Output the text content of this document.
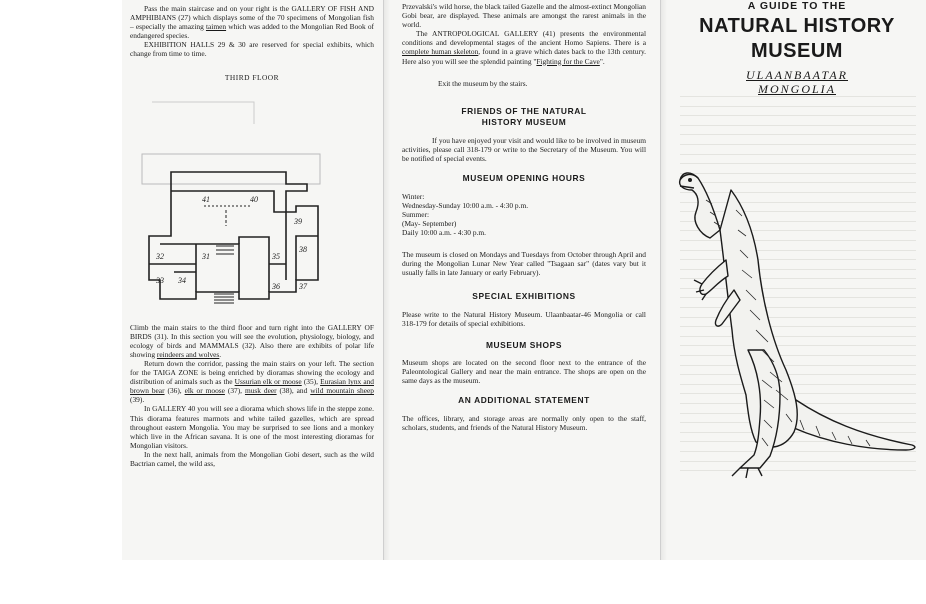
Pass the main staircase and on your right is the GALLERY OF FISH AND AMPHIBIANS (27) which displays some of the 70 specimens of Mongolian fish – especially the amazing taimen which was added to the Mongolian Red Book of endangered species.

EXHIBITION HALLS 29 & 30 are reserved for special exhibits, which change from time to time.

THIRD FLOOR
41	40
39
38
37
36
35
34
33
32	31

Climb the main stairs to the third floor and turn right into the GALLERY OF BIRDS (31). In this section you will see the evolution, physiology, biology, and ecology of birds and MAMMALS (32). Also there are exhibits of polar life showing reindeers and wolves.

Return down the corridor, passing the main stairs on your left. The section for the TAIGA ZONE is being enriched by dioramas showing the ecology and distribution of animals such as the Ussurian elk or moose (35), Eurasian lynx and brown bear (36), elk or moose (37), musk deer (38), and wild mountain sheep (39).

In GALLERY 40 you will see a diorama which shows life in the steppe zone. This diorama features marmots and white tailed gazelles, which are spread throughout eastern Mongolia. You may be surprised to see lions and a monkey which live in the African savana. It is one of the most interesting dioramas for Mongolian visitors.

In the next hall, animals from the Mongolian Gobi desert, such as the wild Bactrian camel, the wild ass,

Przevalski's wild horse, the black tailed Gazelle and the almost-extinct Mongolian Gobi bear, are displayed. These animals are amongst the rarest animals in the world.

The ANTROPOLOGICAL GALLERY (41) presents the environmental conditions and developmental stages of the ancient Homo Sapiens. There is a complete human skeleton, found in a grave which dates back to the 13th century. Here also you will see the splendid painting "Fighting for the Cave".

Exit the museum by the stairs.

FRIENDS OF THE NATURAL
HISTORY MUSEUM

If you have enjoyed your visit and would like to be involved in museum activities, please call 318-179 or write to the Secretary of the Museum. You will be notified of special events.

MUSEUM OPENING HOURS

Winter:

Wednesday-Sunday 10:00 a.m. - 4:30 p.m.

Summer:

(May- September)

Daily 10:00 a.m. - 4:30 p.m.

The museum is closed on Mondays and Tuesdays from October through April and during the Mongolian Lunar New Year called "Tsagaan sar" (dates vary but it usually falls in late January or early February).

SPECIAL EXHIBITIONS

Please write to the Natural History Museum. Ulaanbaatar-46 Mongolia or call 318-179 for details of special exhibitions.

MUSEUM SHOPS

Museum shops are located on the second floor next to the entrance of the Paleontological Gallery and near the main entrance. The shops are open on the same days as the museum.

AN ADDITIONAL STATEMENT

The offices, library, and storage areas are normally only open to the staff, scholars, students, and friends of the Natural History Museum.

A GUIDE TO THE
NATURAL HISTORY
MUSEUM
ULAANBAATAR
MONGOLIA
